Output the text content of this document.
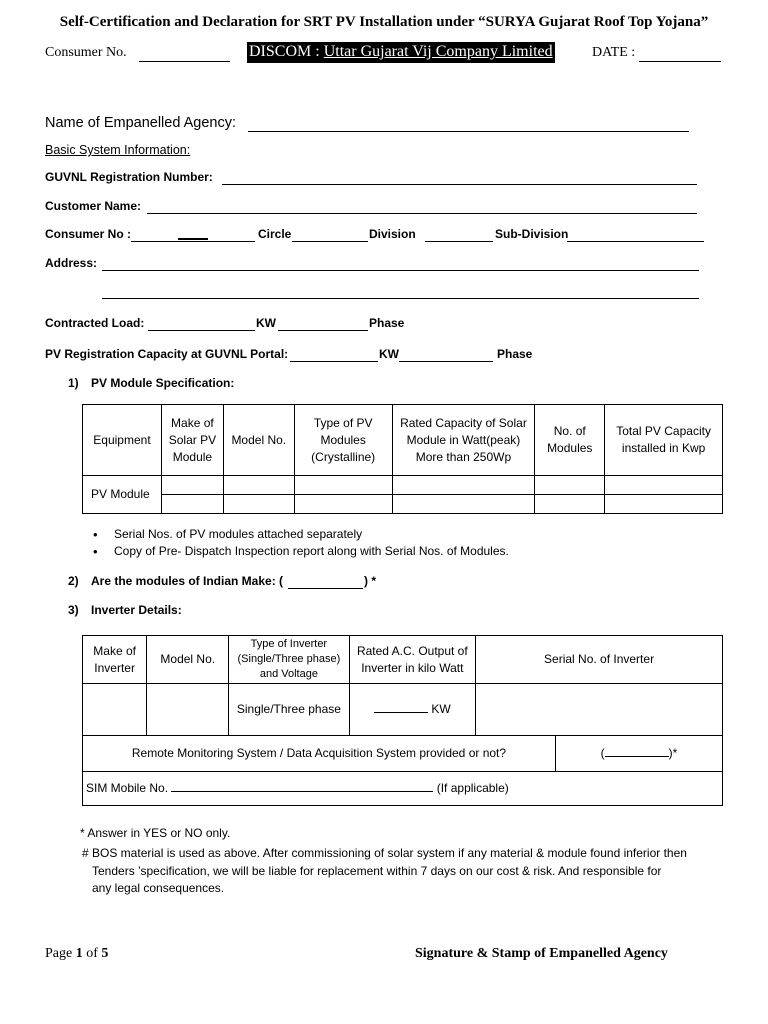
Self-Certification and Declaration for SRT PV Installation under “SURYA Gujarat Roof Top Yojana”
Consumer No.	DISCOM : Uttar Gujarat Vij Company Limited	DATE :
Name of Empanelled Agency:
Basic System Information:
GUVNL Registration Number:
Customer Name:
Consumer No :	Circle	Division	Sub-Division
Address:
Contracted Load:	KW	Phase
PV Registration Capacity at GUVNL Portal:	KW	Phase
1) PV Module Specification:
Equipment	Make of Solar PV Module	Model No.	Type of PV Modules (Crystalline)	Rated Capacity of Solar Module in Watt(peak) More than 250Wp	No. of Modules	Total PV Capacity installed in Kwp
PV Module						

• Serial Nos. of PV modules attached separately
• Copy of Pre- Dispatch Inspection report along with Serial Nos. of Modules.
2) Are the modules of Indian Make: (	) *
3) Inverter Details:
Make of Inverter	Model No.	Type of Inverter (Single/Three phase) and Voltage	Rated A.C. Output of Inverter in kilo Watt	Serial No. of Inverter	
		Single/Three phase	KW		
Remote Monitoring System / Data Acquisition System provided or not?					( )*
SIM Mobile No. (If applicable)					
* Answer in YES or NO only.
# BOS material is used as above. After commissioning of solar system if any material & module found inferior then
Tenders ’specification, we will be liable for replacement within 7 days on our cost & risk. And responsible for
any legal consequences.
Page 1 of 5	Signature & Stamp of Empanelled Agency
